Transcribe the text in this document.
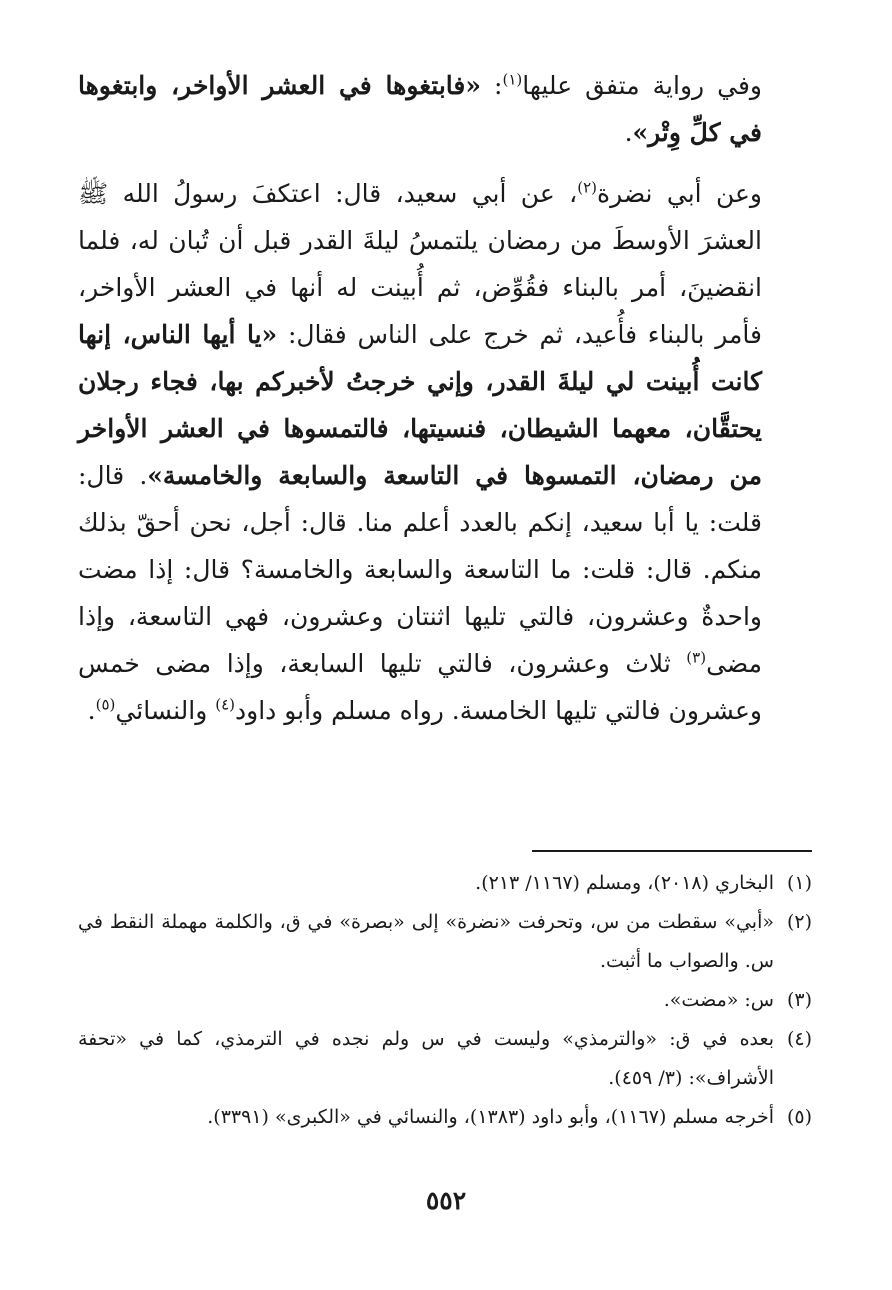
وفي رواية متفق عليها$^{(١)}$: «فابتغوها في العشر الأواخر، وابتغوها في كلِّ وِتْر».

وعن أبي نضرة$^{(٢)}$، عن أبي سعيد، قال: اعتكفَ رسولُ الله ﷺ العشرَ الأوسطَ من رمضان يلتمسُ ليلةَ القدر قبل أن تُبان له، فلما انقضينَ، أمر بالبناء فقُوِّض، ثم أُبينت له أنها في العشر الأواخر، فأمر بالبناء فأُعيد، ثم خرج على الناس فقال: «يا أيها الناس، إنها كانت أُبينت لي ليلةَ القدر، وإني خرجتُ لأخبركم بها، فجاء رجلان يحتقَّان، معهما الشيطان، فنسيتها، فالتمسوها في العشر الأواخر من رمضان، التمسوها في التاسعة والسابعة والخامسة». قال: قلت: يا أبا سعيد، إنكم بالعدد أعلم منا. قال: أجل، نحن أحقّ بذلك منكم. قال: قلت: ما التاسعة والسابعة والخامسة؟ قال: إذا مضت واحدةٌ وعشرون، فالتي تليها اثنتان وعشرون، فهي التاسعة، وإذا مضى$^{(٣)}$ ثلاث وعشرون، فالتي تليها السابعة، وإذا مضى خمس وعشرون فالتي تليها الخامسة. رواه مسلم وأبو داود$^{(٤)}$ والنسائي$^{(٥)}$.

(١)
البخاري (٢٠١٨)، ومسلم (١١٦٧/ ٢١٣).
(٢)
«أبي» سقطت من س، وتحرفت «نضرة» إلى «بصرة» في ق، والكلمة مهملة النقط في س. والصواب ما أثبت.
(٣)
س: «مضت».
(٤)
بعده في ق: «والترمذي» وليست في س ولم نجده في الترمذي، كما في «تحفة الأشراف»: (٣/ ٤٥٩).
(٥)
أخرجه مسلم (١١٦٧)، وأبو داود (١٣٨٣)، والنسائي في «الكبرى» (٣٣٩١).
٥٥٢
